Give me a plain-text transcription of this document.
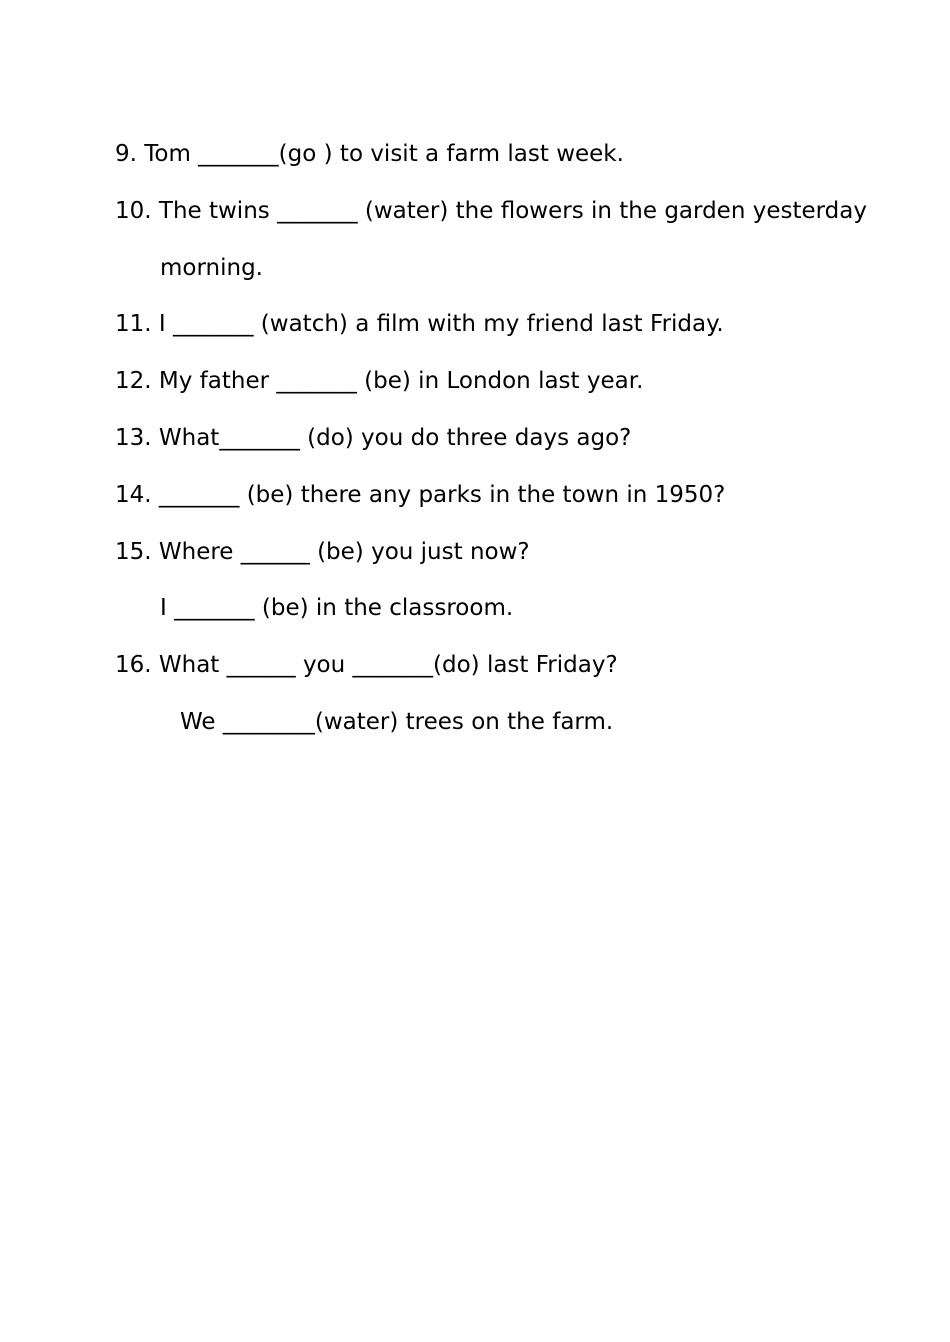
9. Tom _______(go ) to visit a farm last week.
10. The twins _______ (water) the flowers in the garden yesterday
morning.
11. I _______ (watch) a film with my friend last Friday.
12. My father _______ (be) in London last year.
13. What_______ (do) you do three days ago?
14. _______ (be) there any parks in the town in 1950?
15. Where ______ (be) you just now?
I _______ (be) in the classroom.
16. What ______ you _______(do) last Friday?
We ________(water) trees on the farm.
